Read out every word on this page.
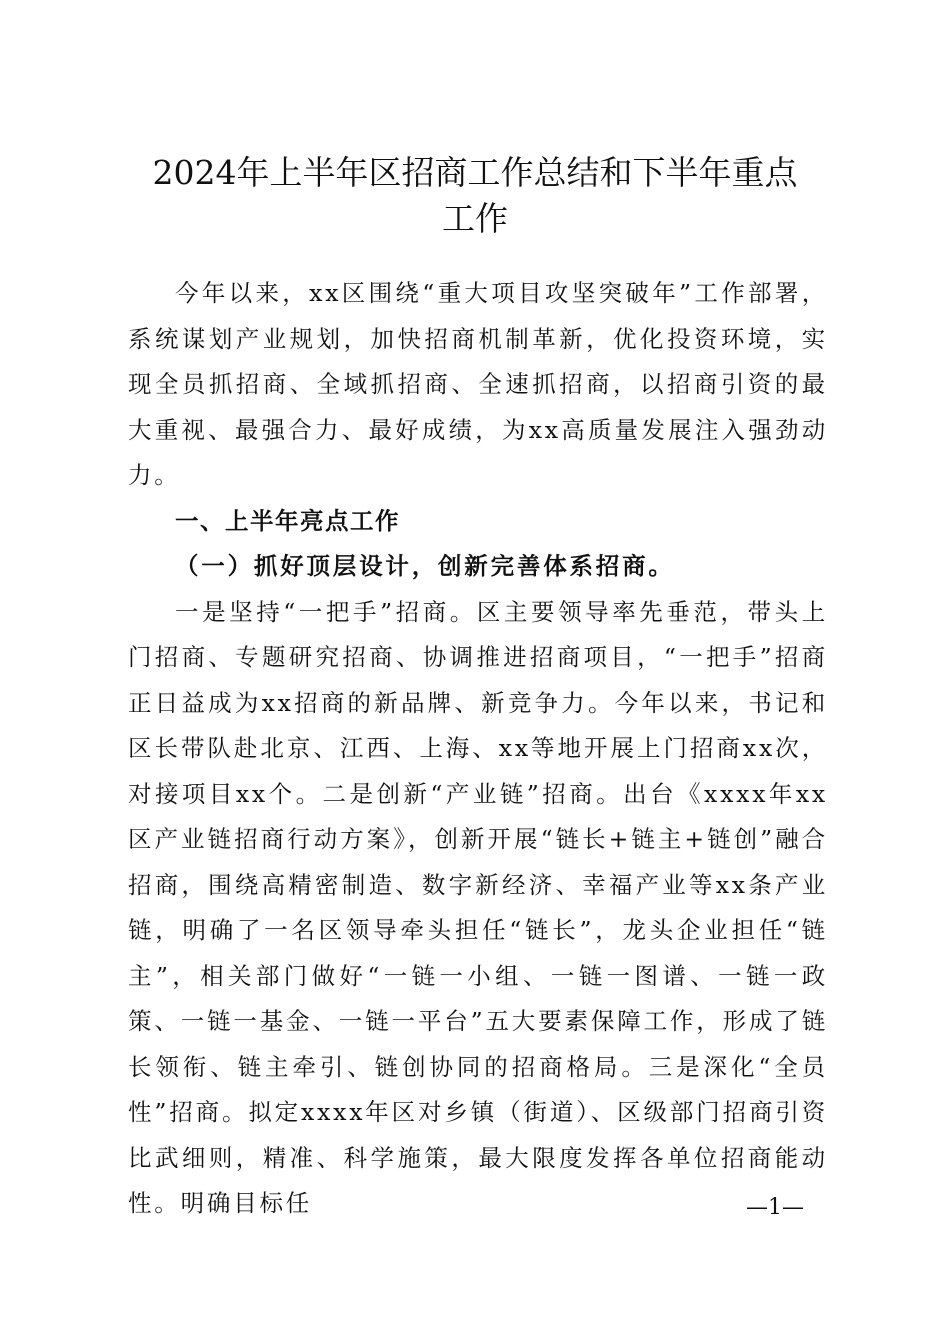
2024年上半年区招商工作总结和下半年重点
工作

今年以来，xx区围绕“重大项目攻坚突破年”工作部署，系统谋划产业规划，加快招商机制革新，优化投资环境，实现全员抓招商、全域抓招商、全速抓招商，以招商引资的最大重视、最强合力、最好成绩，为xx高质量发展注入强劲动力。

一、上半年亮点工作

（一）抓好顶层设计，创新完善体系招商。

一是坚持“一把手”招商。区主要领导率先垂范，带头上门招商、专题研究招商、协调推进招商项目，“一把手”招商正日益成为xx招商的新品牌、新竞争力。今年以来，书记和区长带队赴北京、江西、上海、xx等地开展上门招商xx次，对接项目xx个。二是创新“产业链”招商。出台《xxxx年xx区产业链招商行动方案》，创新开展“链长+链主+链创”融合招商，围绕高精密制造、数字新经济、幸福产业等xx条产业链，明确了一名区领导牵头担任“链长”，龙头企业担任“链主”，相关部门做好“一链一小组、一链一图谱、一链一政策、一链一基金、一链一平台”五大要素保障工作，形成了链长领衔、链主牵引、链创协同的招商格局。三是深化“全员性”招商。拟定xxxx年区对乡镇（街道）、区级部门招商引资比武细则，精准、科学施策，最大限度发挥各单位招商能动性。明确目标任	—1—
